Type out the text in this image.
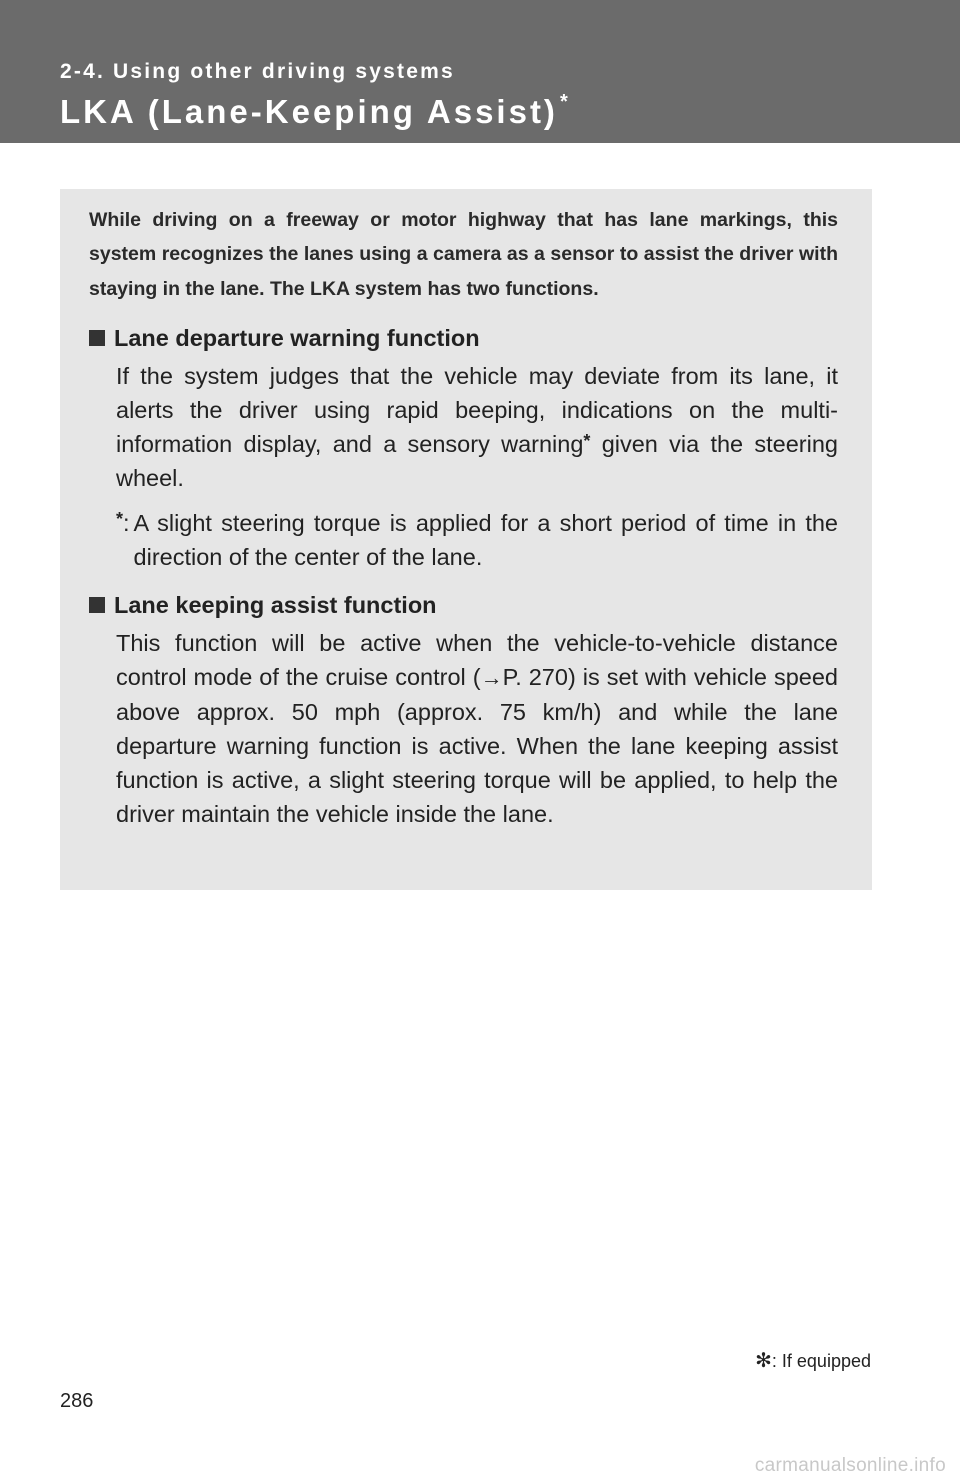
2-4. Using other driving systems
LKA (Lane-Keeping Assist) *

While driving on a freeway or motor highway that has lane markings, this system recognizes the lanes using a camera as a sensor to assist the driver with staying in the lane. The LKA system has two functions.

Lane departure warning function

If the system judges that the vehicle may deviate from its lane, it alerts the driver using rapid beeping, indications on the multi-information display, and a sensory warning* given via the steering wheel.

*: A slight steering torque is applied for a short period of time in the direction of the center of the lane.

Lane keeping assist function

This function will be active when the vehicle-to-vehicle distance control mode of the cruise control (→P. 270) is set with vehicle speed above approx. 50 mph (approx. 75 km/h) and while the lane departure warning function is active. When the lane keeping assist function is active, a slight steering torque will be applied, to help the driver maintain the vehicle inside the lane.

✻: If equipped
286
carmanualsonline.info
